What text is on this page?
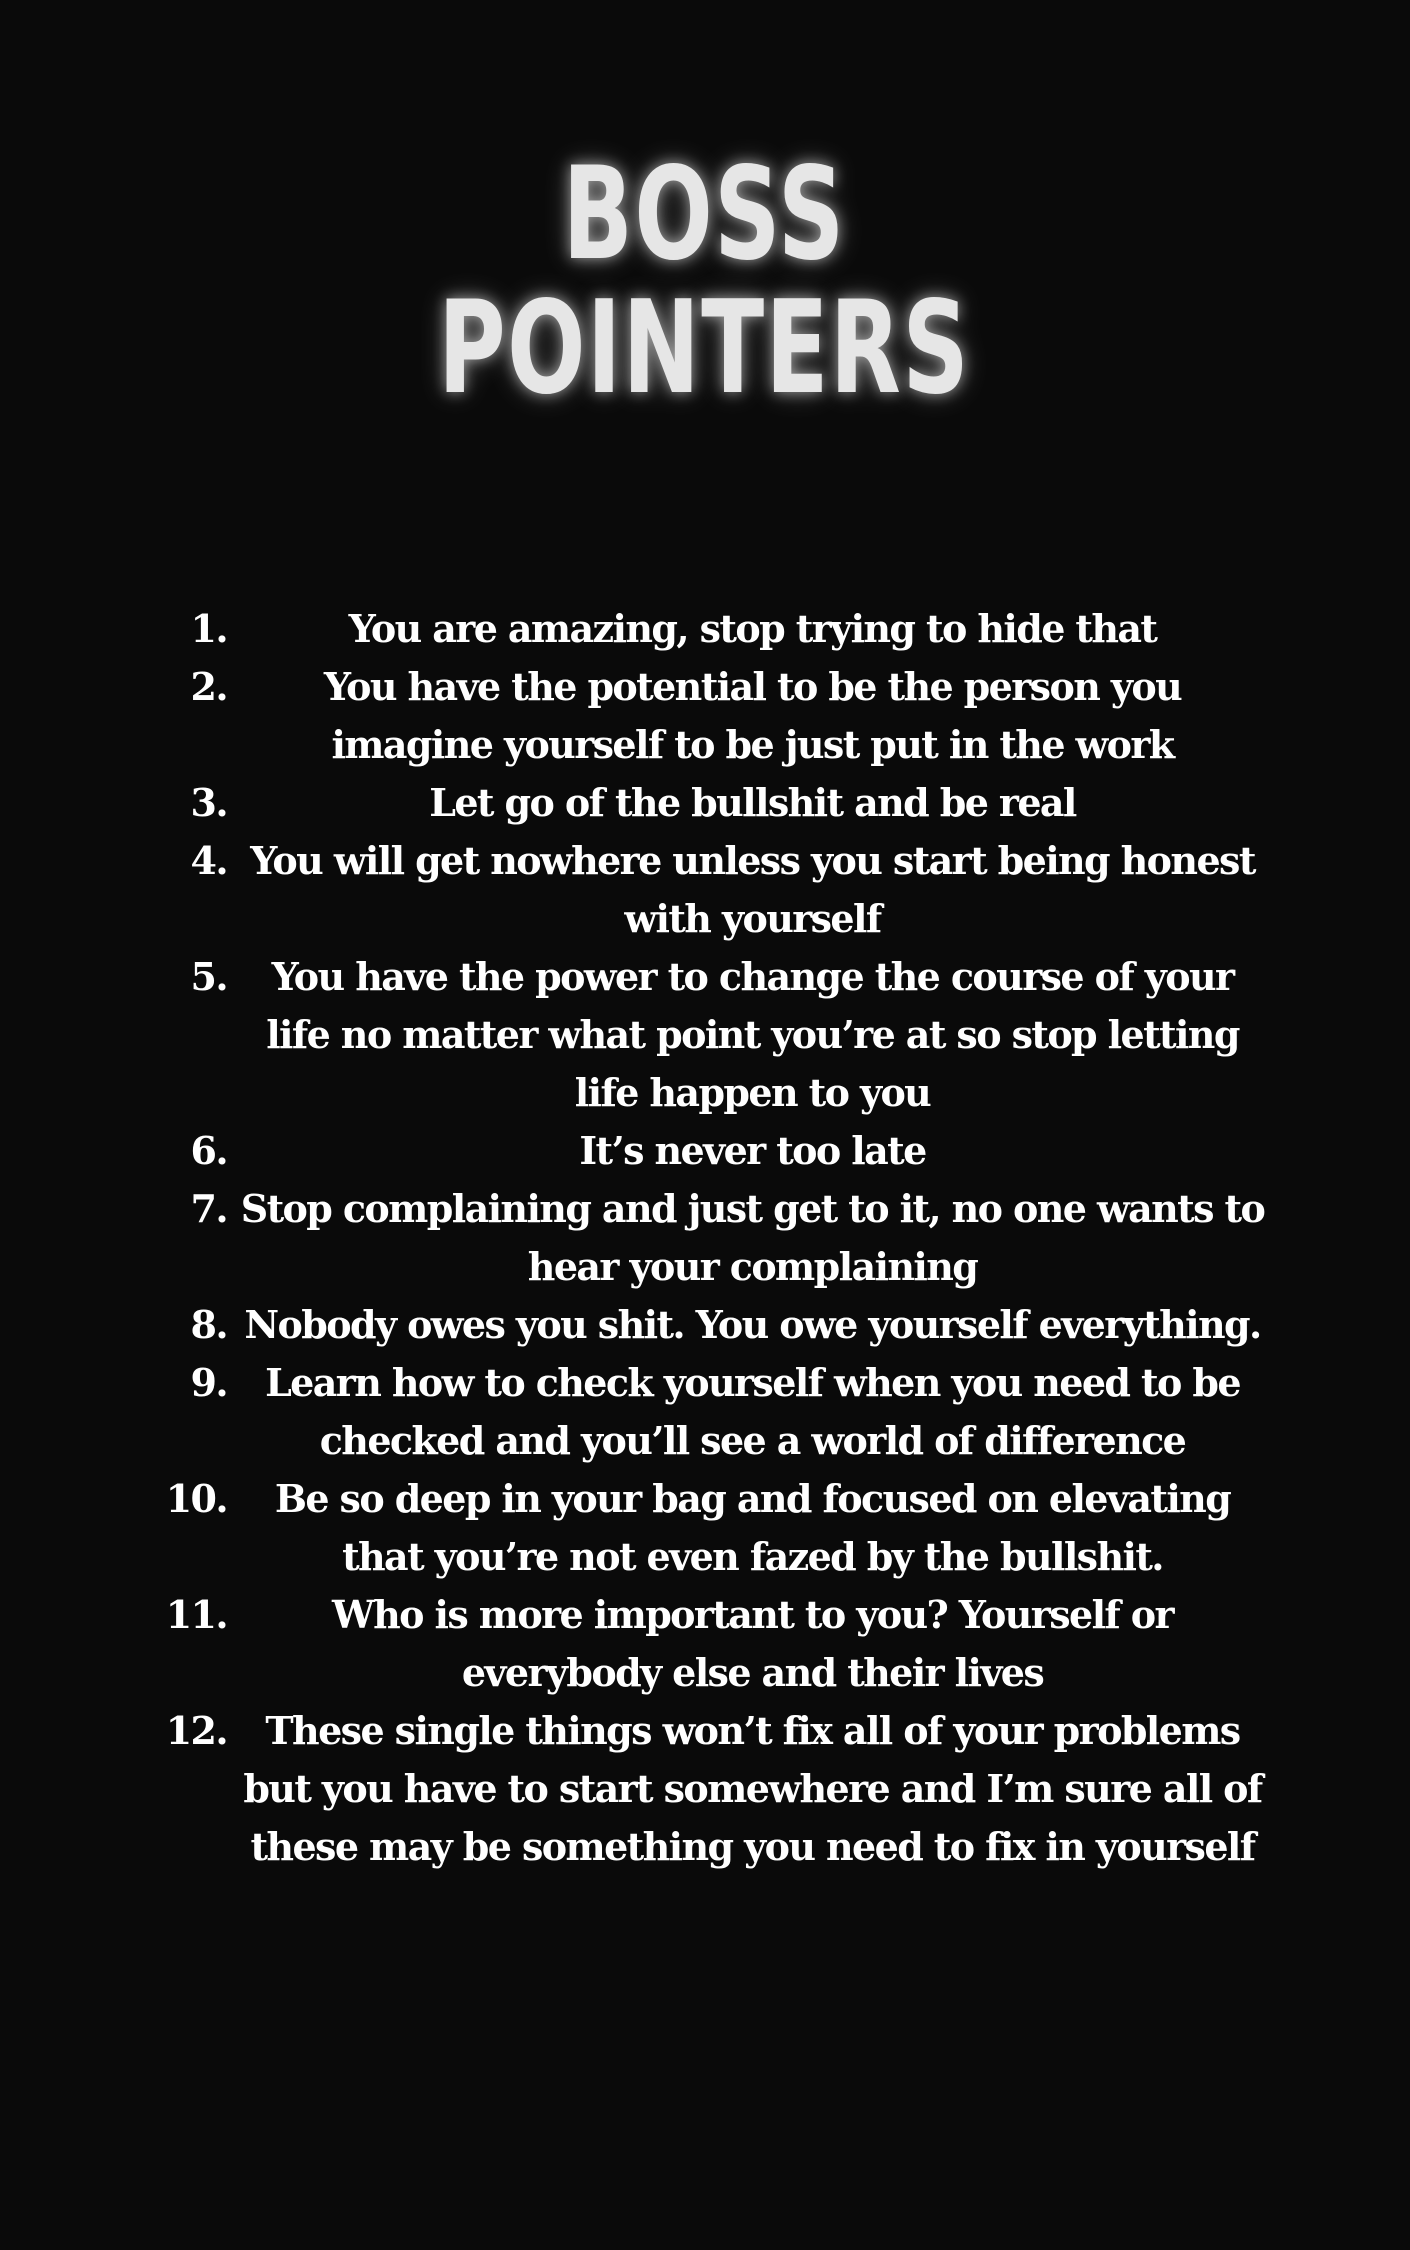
BOSS
POINTERS
1.	You are amazing, stop trying to hide that
2.	You have the potential to be the person you imagine yourself to be just put in the work
3.	Let go of the bullshit and be real
4. You will get nowhere unless you start being honest with yourself
5. You have the power to change the course of your life no matter what point you’re at so stop letting life happen to you
6.	It’s never too late
7. Stop complaining and just get to it, no one wants to hear your complaining
8. Nobody owes you shit. You owe yourself everything.
9. Learn how to check yourself when you need to be checked and you’ll see a world of difference
10. Be so deep in your bag and focused on elevating that you’re not even fazed by the bullshit.
11.	Who is more important to you? Yourself or everybody else and their lives
12. These single things won’t fix all of your problems but you have to start somewhere and I’m sure all of these may be something you need to fix in yourself
